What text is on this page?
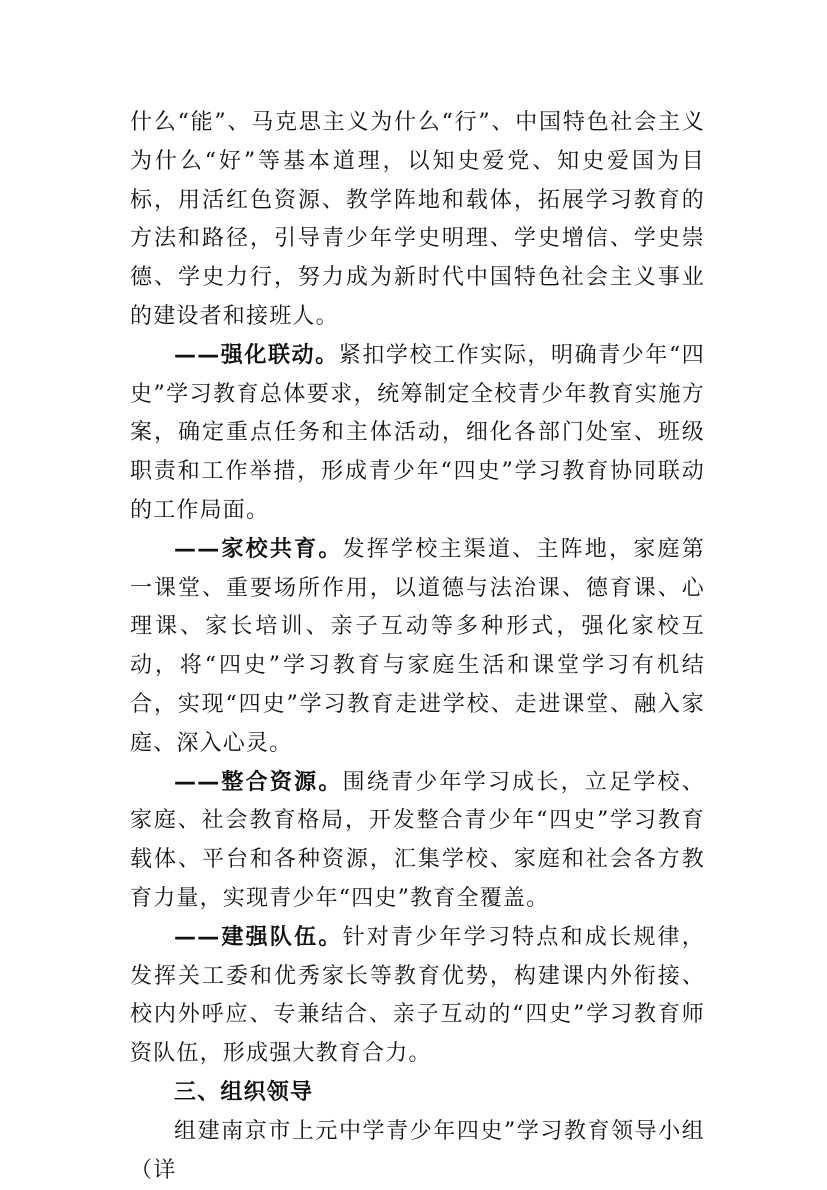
什么“能”、马克思主义为什么“行”、中国特色社会主义为什么“好”等基本道理，以知史爱党、知史爱国为目标，用活红色资源、教学阵地和载体，拓展学习教育的方法和路径，引导青少年学史明理、学史增信、学史崇德、学史力行，努力成为新时代中国特色社会主义事业的建设者和接班人。

——强化联动。紧扣学校工作实际，明确青少年“四史”学习教育总体要求，统筹制定全校青少年教育实施方案，确定重点任务和主体活动，细化各部门处室、班级职责和工作举措，形成青少年“四史”学习教育协同联动的工作局面。

——家校共育。发挥学校主渠道、主阵地，家庭第一课堂、重要场所作用，以道德与法治课、德育课、心理课、家长培训、亲子互动等多种形式，强化家校互动，将“四史”学习教育与家庭生活和课堂学习有机结合，实现“四史”学习教育走进学校、走进课堂、融入家庭、深入心灵。

——整合资源。围绕青少年学习成长，立足学校、家庭、社会教育格局，开发整合青少年“四史”学习教育载体、平台和各种资源，汇集学校、家庭和社会各方教育力量，实现青少年“四史”教育全覆盖。

——建强队伍。针对青少年学习特点和成长规律，发挥关工委和优秀家长等教育优势，构建课内外衔接、校内外呼应、专兼结合、亲子互动的“四史”学习教育师资队伍，形成强大教育合力。

三、组织领导

组建南京市上元中学青少年四史”学习教育领导小组（详
